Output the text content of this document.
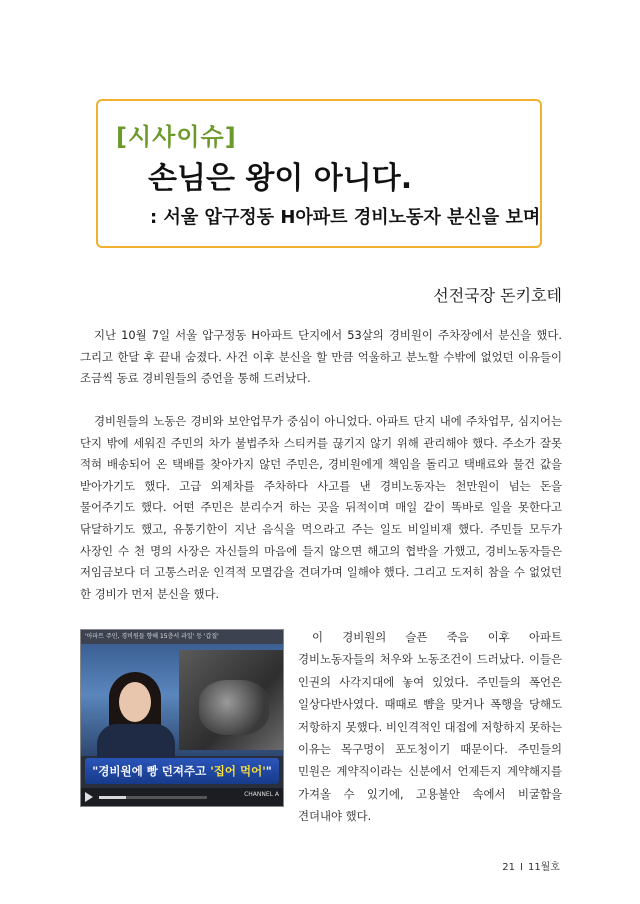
[시사이슈]
손님은 왕이 아니다.
: 서울 압구정동 H아파트 경비노동자 분신을 보며
선전국장 돈키호테

지난 10월 7일 서울 압구정동 H아파트 단지에서 53살의 경비원이 주차장에서 분신을 했다. 그리고 한달 후 끝내 숨졌다. 사건 이후 분신을 할 만큼 억울하고 분노할 수밖에 없었던 이유들이 조금씩 동료 경비원들의 증언을 통해 드러났다.

경비원들의 노동은 경비와 보안업무가 중심이 아니었다. 아파트 단지 내에 주차업무, 심지어는 단지 밖에 세워진 주민의 차가 불법주차 스티커를 끊기지 않기 위해 관리해야 했다. 주소가 잘못 적혀 배송되어 온 택배를 찾아가지 않던 주민은, 경비원에게 책임을 돌리고 택배료와 물건 값을 받아가기도 했다. 고급 외제차를 주차하다 사고를 낸 경비노동자는 천만원이 넘는 돈을 물어주기도 했다. 어떤 주민은 분리수거 하는 곳을 뒤적이며 매일 같이 똑바로 일을 못한다고 닦달하기도 했고, 유통기한이 지난 음식을 먹으라고 주는 일도 비일비재 했다. 주민들 모두가 사장인 수 천 명의 사장은 자신들의 마음에 들지 않으면 해고의 협박을 가했고, 경비노동자들은 저임금보다 더 고통스러운 인격적 모멸감을 견뎌가며 일해야 했다. 그리고 도저히 참을 수 없었던 한 경비가 먼저 분신을 했다.

'아파트 주민, 경비원들 향해 15층서 과일' 등 '갑질'
"경비원에 빵 던져주고 '집어 먹어'"
CHANNEL A

이 경비원의 슬픈 죽음 이후 아파트 경비노동자들의 처우와 노동조건이 드러났다. 이들은 인권의 사각지대에 놓여 있었다. 주민들의 폭언은 일상다반사였다. 때때로 뺨을 맞거나 폭행을 당해도 저항하지 못했다. 비인격적인 대접에 저항하지 못하는 이유는 목구멍이 포도청이기 때문이다. 주민들의 민원은 계약직이라는 신분에서 언제든지 계약해지를 가져올 수 있기에, 고용불안 속에서 비굴함을 견뎌내야 했다.

21 I 11월호
